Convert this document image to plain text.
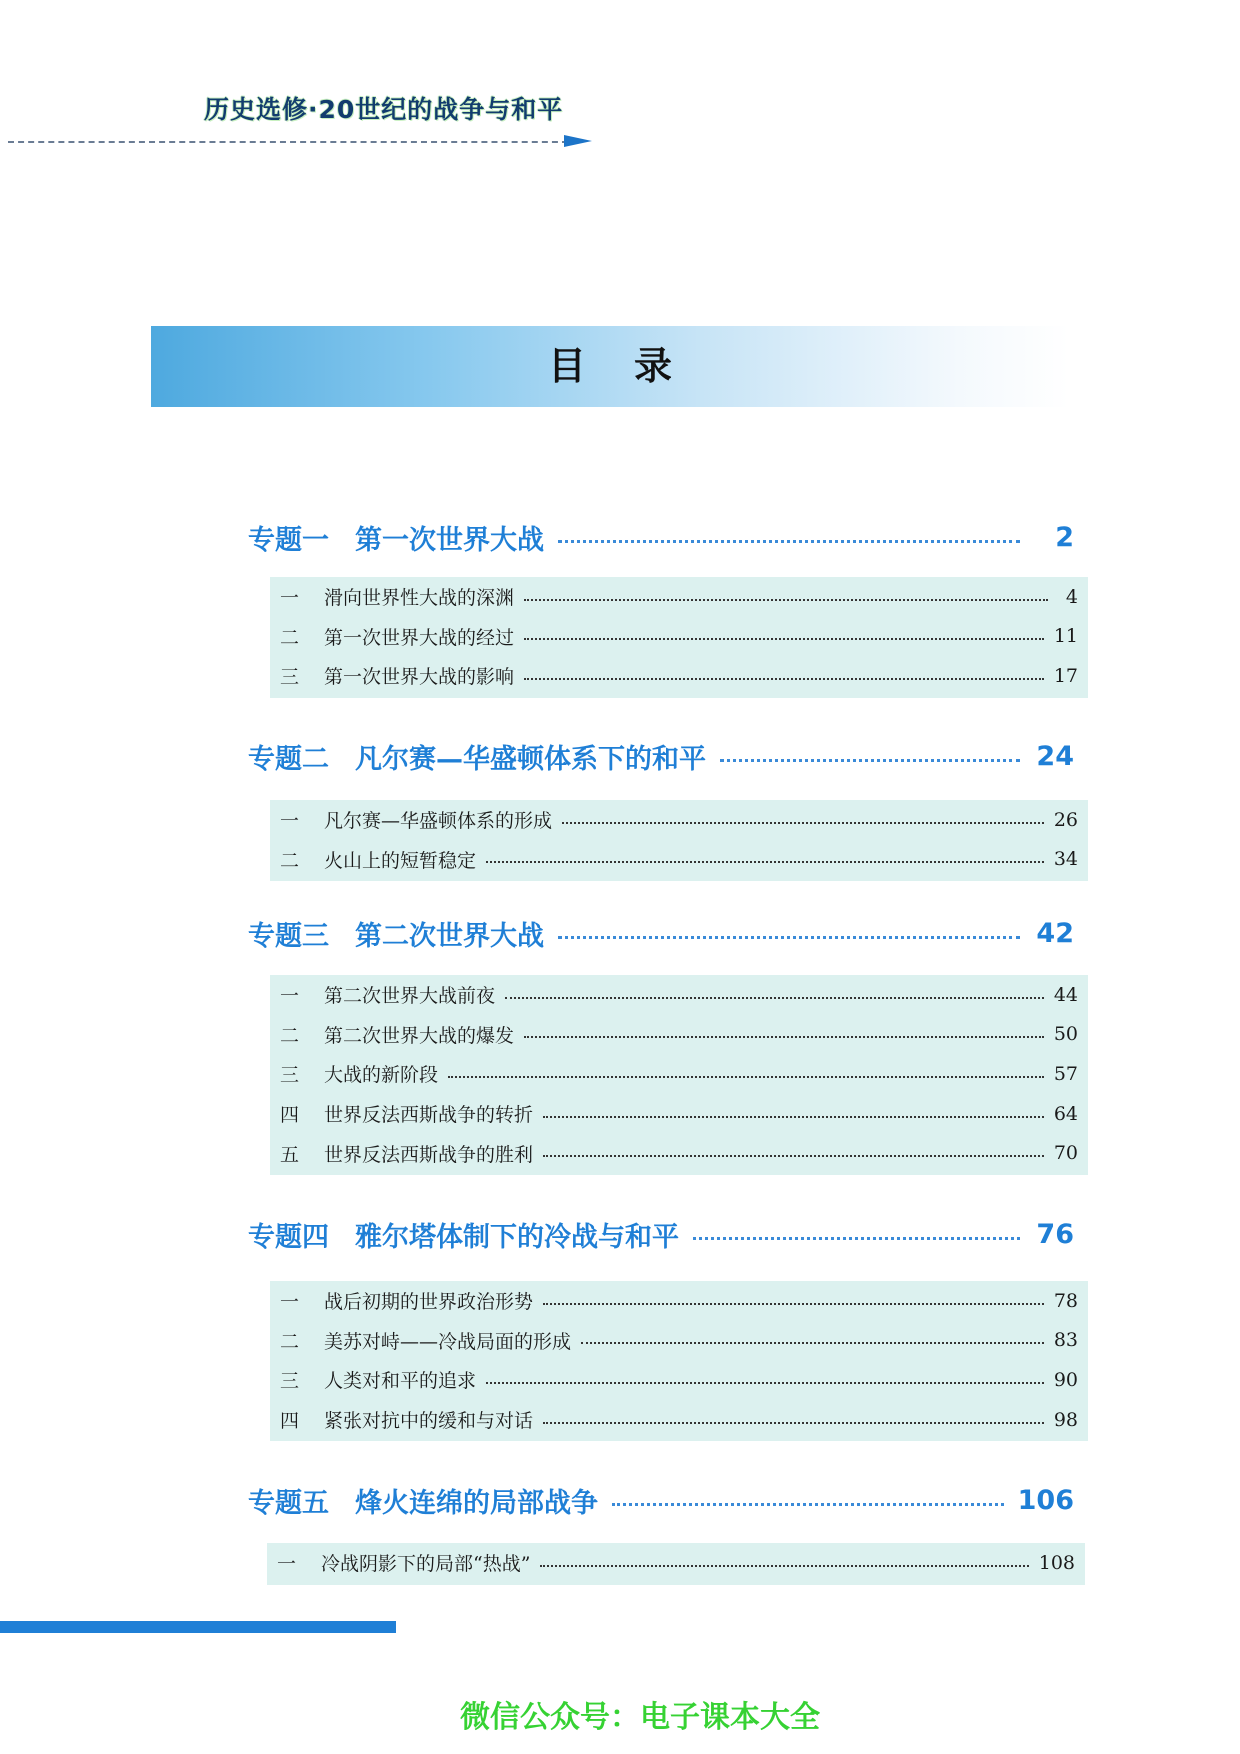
历史选修·20世纪的战争与和平
目录
专题一 第一次世界大战	2
一	滑向世界性大战的深渊	4
二	第一次世界大战的经过	11
三	第一次世界大战的影响	17
专题二 凡尔赛—华盛顿体系下的和平	24
一	凡尔赛—华盛顿体系的形成	26
二	火山上的短暂稳定	34
专题三 第二次世界大战	42
一	第二次世界大战前夜	44
二	第二次世界大战的爆发	50
三	大战的新阶段	57
四	世界反法西斯战争的转折	64
五	世界反法西斯战争的胜利	70
专题四 雅尔塔体制下的冷战与和平	76
一	战后初期的世界政治形势	78
二	美苏对峙——冷战局面的形成	83
三	人类对和平的追求	90
四	紧张对抗中的缓和与对话	98
专题五 烽火连绵的局部战争	106
一	冷战阴影下的局部“热战”	108
微信公众号：电子课本大全
